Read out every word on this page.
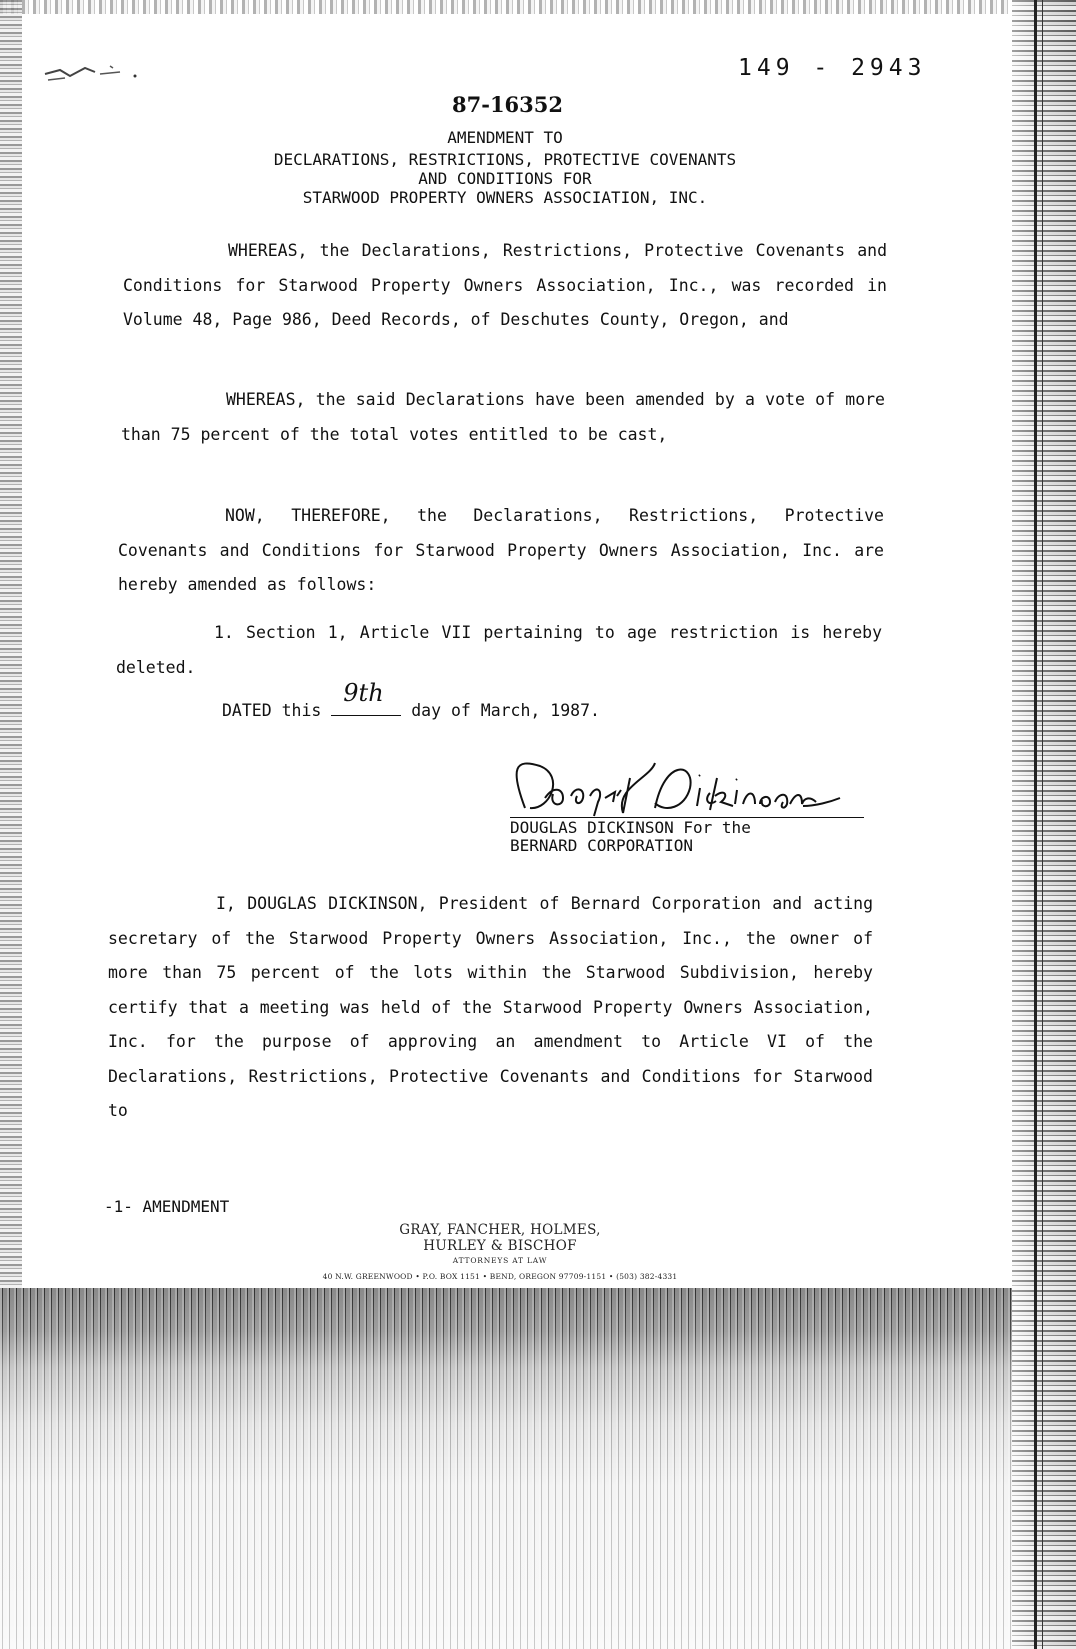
149 - 2943
87-16352
AMENDMENT TO
DECLARATIONS, RESTRICTIONS, PROTECTIVE COVENANTS
AND CONDITIONS FOR
STARWOOD PROPERTY OWNERS ASSOCIATION, INC.
WHEREAS, the Declarations, Restrictions, Protective Covenants and Conditions for Starwood Property Owners Association, Inc., was recorded in Volume 48, Page 986, Deed Records, of Deschutes County, Oregon, and
WHEREAS, the said Declarations have been amended by a vote of more than 75 percent of the total votes entitled to be cast,
NOW, THEREFORE, the Declarations, Restrictions, Protective Covenants and Conditions for Starwood Property Owners Association, Inc. are hereby amended as follows:
1. Section 1, Article VII pertaining to age restriction is hereby deleted.
DATED this
9th
day of March, 1987.
DOUGLAS DICKINSON For the
BERNARD CORPORATION
I, DOUGLAS DICKINSON, President of Bernard Corporation and acting secretary of the Starwood Property Owners Association, Inc., the owner of more than 75 percent of the lots within the Starwood Subdivision, hereby certify that a meeting was held of the Starwood Property Owners Association, Inc. for the purpose of approving an amendment to Article VI of the Declarations, Restrictions, Protective Covenants and Conditions for Starwood to
-1- AMENDMENT
GRAY, FANCHER, HOLMES,
HURLEY & BISCHOF
ATTORNEYS AT LAW
40 N.W. GREENWOOD • P.O. BOX 1151 • BEND, OREGON 97709-1151 • (503) 382-4331
